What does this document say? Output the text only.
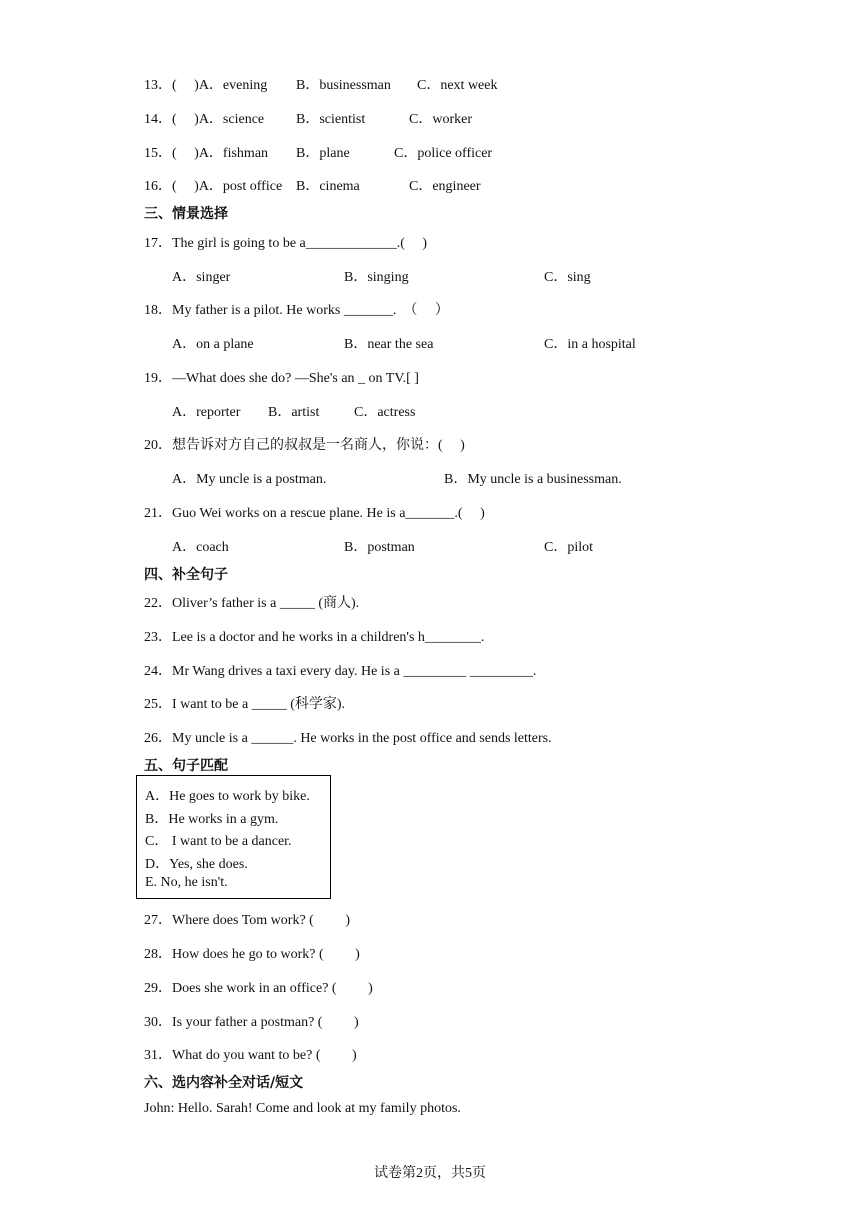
13．(　 )A．evening B．businessman C．next week
14．(　 )A．science B．scientist	C．worker
15．(　 )A．fishman B．plane	C．police officer
16．(　 )A．post office B．cinema	C．engineer
三、情景选择
17．The girl is going to be a_____________.(　 )
A．singer	B．singing	C．sing
18．My father is a pilot. He works _______.　（　 ）
A．on a plane	B．near the sea	C．in a hospital
19．—What does she do? —She's an _ on TV.[ ]
A．reporter B．artist C．actress
20．想告诉对方自己的叔叔是一名商人，你说：(　 )
A．My uncle is a postman.	B．My uncle is a businessman.
21．Guo Wei works on a rescue plane. He is a_______.(　 )
A．coach	B．postman	C．pilot
四、补全句子
22．Oliver’s father is a _____ (商人).
23．Lee is a doctor and he works in a children's h________.
24．Mr Wang drives a taxi every day. He is a _________ _________.
25．I want to be a _____ (科学家).
26．My uncle is a ______. He works in the post office and sends letters.
五、句子匹配
A．He goes to work by bike.
B．He works in a gym.
C． I want to be a dancer.
D．Yes, she does.
E. No, he isn't.
27．Where does Tom work? (　　 )
28．How does he go to work? (　　 )
29．Does she work in an office? (　　 )
30．Is your father a postman? (　　 )
31．What do you want to be? (　　 )
六、选内容补全对话/短文
John: Hello. Sarah! Come and look at my family photos.
试卷第2页，共5页
